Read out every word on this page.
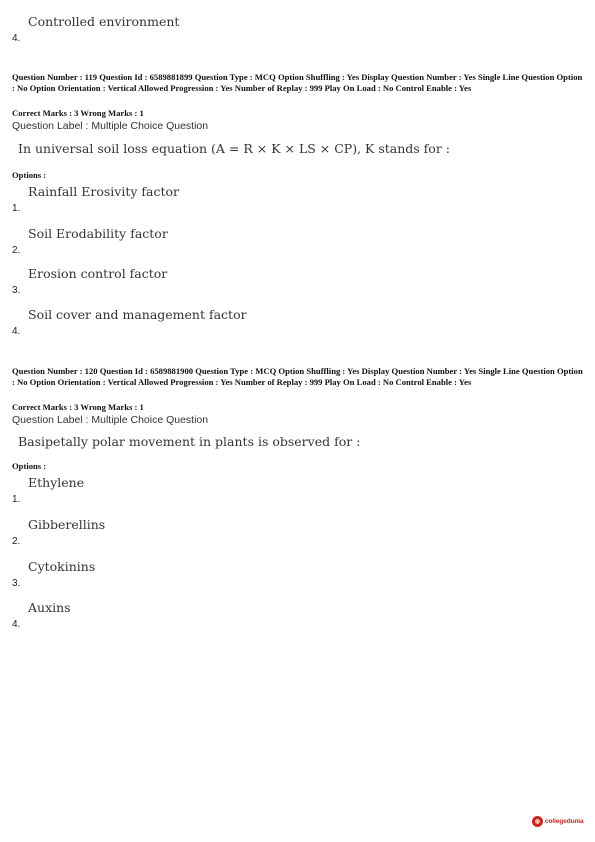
4.
Controlled environment
Question Number : 119 Question Id : 6589881899 Question Type : MCQ Option Shuffling : Yes Display Question Number : Yes Single Line Question Option : No Option Orientation : Vertical Allowed Progression : Yes Number of Replay : 999 Play On Load : No Control Enable : Yes
Correct Marks : 3 Wrong Marks : 1
Question Label : Multiple Choice Question
In universal soil loss equation (A = R × K × LS × CP), K stands for :
Options :
1.
Rainfall Erosivity factor
2.
Soil Erodability factor
3.
Erosion control factor
4.
Soil cover and management factor
Question Number : 120 Question Id : 6589881900 Question Type : MCQ Option Shuffling : Yes Display Question Number : Yes Single Line Question Option : No Option Orientation : Vertical Allowed Progression : Yes Number of Replay : 999 Play On Load : No Control Enable : Yes
Correct Marks : 3 Wrong Marks : 1
Question Label : Multiple Choice Question
Basipetally polar movement in plants is observed for :
Options :
1.
Ethylene
2.
Gibberellins
3.
Cytokinins
4.
Auxins
collegedunia
